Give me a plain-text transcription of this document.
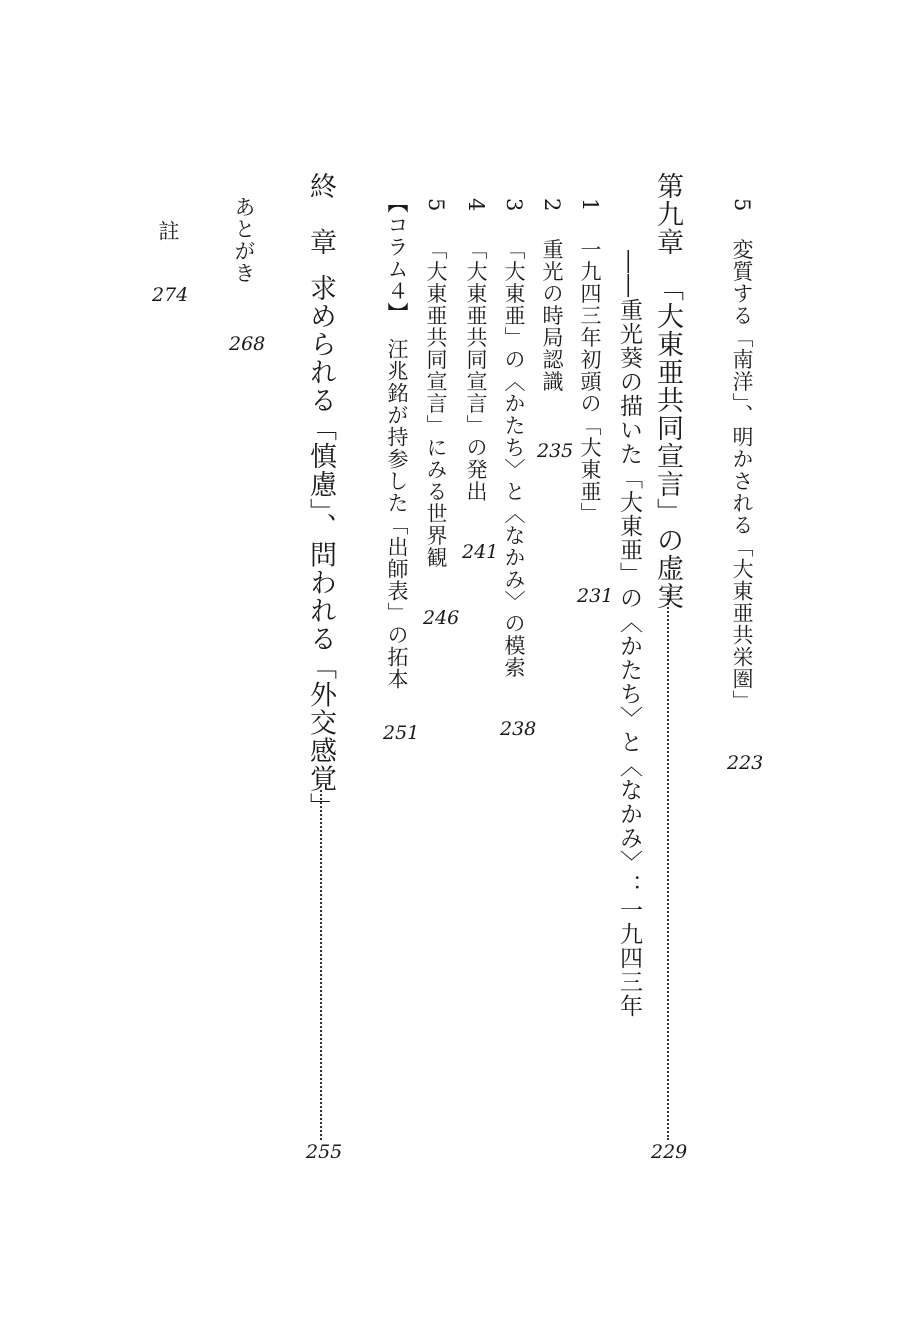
5変質する「南洋」、明かされる「大東亜共栄圏」
223
第九章「大東亜共同宣言」の虚実
229
――重光葵の描いた「大東亜」の〈かたち〉と〈なかみ〉：一九四三年
1一九四三年初頭の「大東亜」
231
2重光の時局認識
235
3「大東亜」の〈かたち〉と〈なかみ〉の模索
238
4「大東亜共同宣言」の発出
241
5「大東亜共同宣言」にみる世界観
246
【コラム４】汪兆銘が持参した「出師表」の拓本
251
終　章求められる「慎慮」、問われる「外交感覚」
255
あとがき
268
註
274
